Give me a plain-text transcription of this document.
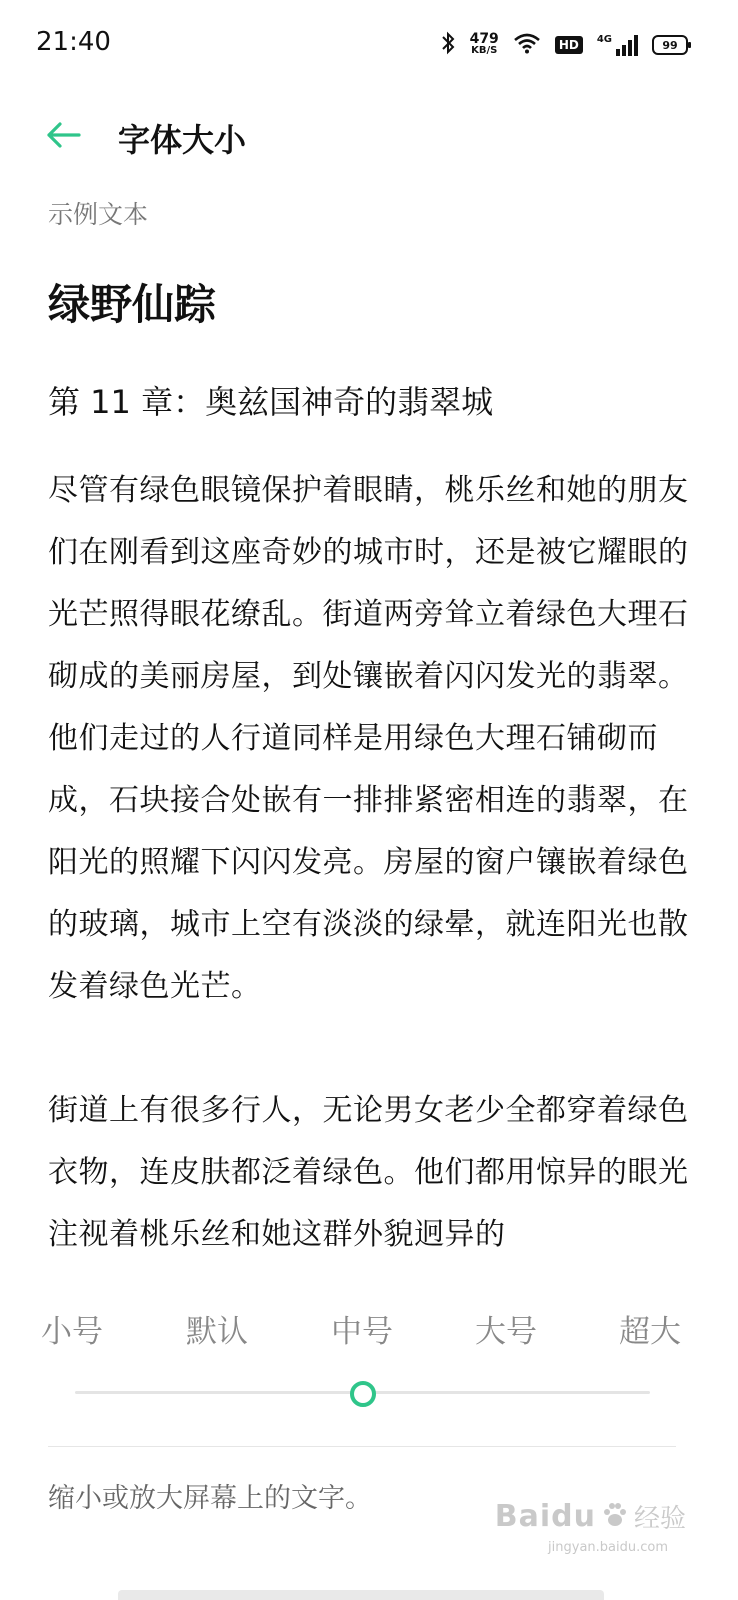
21:40	479
KB/S	HD	4G	99
字体大小
示例文本
绿野仙踪
第 11 章：奥兹国神奇的翡翠城

尽管有绿色眼镜保护着眼睛，桃乐丝和她的朋友们在刚看到这座奇妙的城市时，还是被它耀眼的光芒照得眼花缭乱。街道两旁耸立着绿色大理石砌成的美丽房屋，到处镶嵌着闪闪发光的翡翠。他们走过的人行道同样是用绿色大理石铺砌而成，石块接合处嵌有一排排紧密相连的翡翠，在阳光的照耀下闪闪发亮。房屋的窗户镶嵌着绿色的玻璃，城市上空有淡淡的绿晕，就连阳光也散发着绿色光芒。

街道上有很多行人，无论男女老少全都穿着绿色衣物，连皮肤都泛着绿色。他们都用惊异的眼光注视着桃乐丝和她这群外貌迥异的

小号	默认	中号	大号	超大
缩小或放大屏幕上的文字。
Baidu 经验
jingyan.baidu.com
